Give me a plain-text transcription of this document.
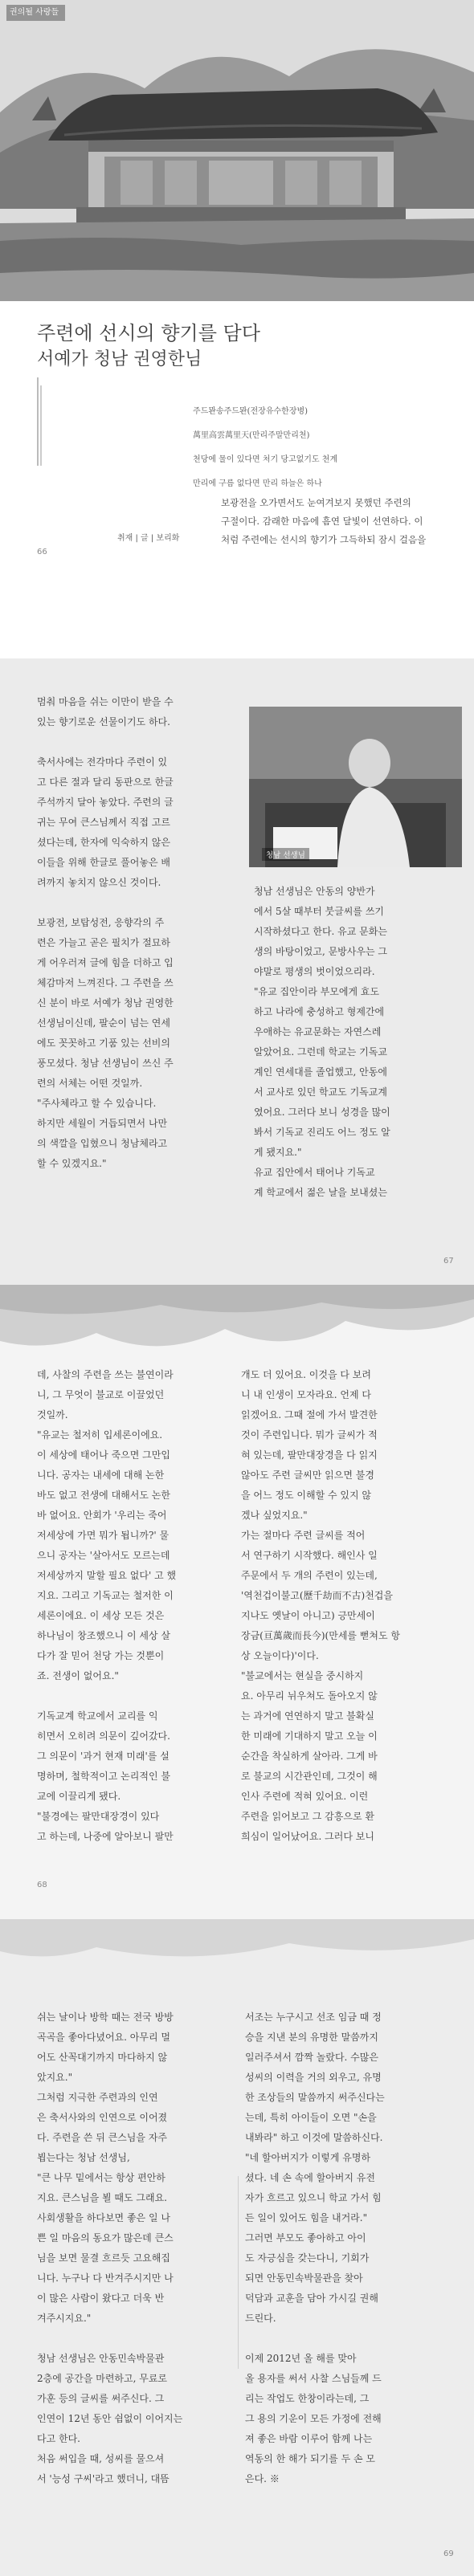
권의될 사랑들
주련에 선시의 향기를 담다
서예가 청남 권영한님
주드뫈송주드뫈(전장유수한장병)
萬里高雲萬里天(만리주말만리천)
천당에 물이 있다면 처기 당고없기도 천계
만리에 구름 없다면 만리 하늘은 하나
보광전을 오가면서도 눈여겨보지 못했던 주련의
구절이다. 감래한 마음에 흠연 달빛이 선연하다. 이
처럼 주련에는 선시의 향기가 그득하되 잠시 걸음을
취재 | 글 | 보리화
66
멈춰 마음을 쉬는 이만이 받을 수
있는 향기로운 선물이기도 하다.
축서사에는 전각마다 주련이 있
고 다른 절과 달리 동판으로 한글
주석까지 달아 놓았다. 주련의 글
귀는 무여 큰스님께서 직접 고르
셨다는데, 한자에 익숙하지 않은
이들을 위해 한글로 풀어놓은 배
려까지 놓치지 않으신 것이다.
보광전, 보탑성전, 응향각의 주
련은 가늘고 곧은 필치가 절묘하
게 어우러져 글에 힘을 더하고 입
체감마저 느껴진다. 그 주련을 쓰
신 분이 바로 서예가 청남 권영한
선생님이신데, 팔순이 넘는 연세
에도 꼿꼿하고 기품 있는 선비의
풍모셨다. 청남 선생님이 쓰신 주
련의 서체는 어떤 것일까.
"주사체라고 할 수 있습니다.
하지만 세월이 거듭되면서 나만
의 색깔을 입혔으니 청남체라고
할 수 있겠지요."
청남 선생님
청남 선생님은 안동의 양반가
에서 5살 때부터 붓글씨를 쓰기
시작하셨다고 한다. 유교 문화는
생의 바탕이었고, 문방사우는 그
야말로 평생의 벗이었으리라.
"유교 집안이라 부모에게 효도
하고 나라에 충성하고 형제간에
우애하는 유교문화는 자연스레
알았어요. 그런데 학교는 기독교
계인 연세대를 졸업했고, 안동에
서 교사로 있던 학교도 기독교계
였어요. 그러다 보니 성경을 많이
봐서 기독교 진리도 어느 정도 알
게 됐지요."
유교 집안에서 태어나 기독교
계 학교에서 젊은 날을 보내셨는
67
데, 사찰의 주련을 쓰는 불연이라
니, 그 무엇이 불교로 이끌었던
것일까.
"유교는 철저히 입세론이에요.
이 세상에 태어나 죽으면 그만입
니다. 공자는 내세에 대해 논한
바도 없고 전생에 대해서도 논한
바 없어요. 안회가 '우리는 죽어
저세상에 가면 뭐가 됩니까?' 물
으니 공자는 '살아서도 모르는데
저세상까지 말할 필요 없다' 고 했
지요. 그리고 기독교는 철저한 이
세론이에요. 이 세상 모든 것은
하나님이 창조했으니 이 세상 살
다가 잘 믿어 천당 가는 것뿐이
죠. 전생이 없어요."
기독교계 학교에서 교리를 익
히면서 오히려 의문이 깊어갔다.
그 의문이 '과거 현재 미래'를 설
명하며, 철학적이고 논리적인 불
교에 이끌리게 됐다.
"불경에는 팔만대장경이 있다
고 하는데, 나중에 알아보니 팔만
개도 더 있어요. 이것을 다 보려
니 내 인생이 모자라요. 언제 다
읽겠어요. 그때 절에 가서 발견한
것이 주련입니다. 뭐가 글씨가 적
혀 있는데, 팔만대장경을 다 읽지
않아도 주련 글씨만 읽으면 불경
을 어느 정도 이해할 수 있지 않
겠나 싶었지요."
가는 절마다 주련 글씨를 적어
서 연구하기 시작했다. 해인사 일
주문에서 두 개의 주련이 있는데,
'역천겁이불고(歷千劫而不古)천겁을
지나도 옛날이 아니고) 긍만세이
장금(亘萬歲而長今)(만세를 뻗쳐도 항
상 오늘이다)'이다.
"불교에서는 현실을 중시하지
요. 아무리 뉘우쳐도 돌아오지 않
는 과거에 연연하지 말고 불확실
한 미래에 기대하지 말고 오늘 이
순간을 착실하게 살아라. 그게 바
로 불교의 시간관인데, 그것이 해
인사 주련에 적혀 있어요. 이런
주련을 읽어보고 그 감흥으로 환
희심이 일어났어요. 그러다 보니
68
쉬는 날이나 방학 때는 전국 방방
곡곡을 좋아다녔어요. 아무리 멀
어도 산꼭대기까지 마다하지 않
았지요."
그처럼 지극한 주련과의 인연
은 축서사와의 인연으로 이어졌
다. 주련을 쓴 뒤 큰스님을 자주
뵙는다는 청남 선생님,
"큰 나무 밑에서는 항상 편안하
지요. 큰스님을 뵐 때도 그래요.
사회생활을 하다보면 좋은 일 나
쁜 일 마음의 동요가 많은데 큰스
님을 보면 물결 흐르듯 고요해집
니다. 누구나 다 반겨주시지만 나
이 많은 사람이 왔다고 더욱 반
겨주시지요."
청남 선생님은 안동민속박물관
2층에 공간을 마련하고, 무료로
가훈 등의 글씨를 써주신다. 그
인연이 12년 동안 쉼없이 이어지는
다고 한다.
처음 써입을 때, 성씨를 물으셔
서 '능성 구씨'라고 했더니, 대뜸
서조는 누구시고 선조 임금 때 정
승을 지낸 분의 유명한 말씀까지
일러주셔서 깜짝 놀랐다. 수많은
성씨의 이력을 거의 외우고, 유명
한 조상들의 말씀까지 써주신다는
는데, 특히 아이들이 오면 "손을
내봐라" 하고 이것에 말씀하신다.
"네 할아버지가 이렇게 유명하
셨다. 네 손 속에 할아버지 유전
자가 흐르고 있으니 학교 가서 힘
든 일이 있어도 힘을 내거라."
그러면 부모도 좋아하고 아이
도 자긍심을 갖는다니, 기회가
되면 안동민속박물관을 찾아
덕담과 교훈을 담아 가시길 권해
드린다.
이제 2012년 올 해를 맞아
올 용자를 써서 사찰 스님들께 드
리는 작업도 한창이라는데, 그
그 용의 기운이 모든 가정에 전해
져 좋은 바람 이루어 함께 나는
역동의 한 해가 되기를 두 손 모
은다. ※
69
